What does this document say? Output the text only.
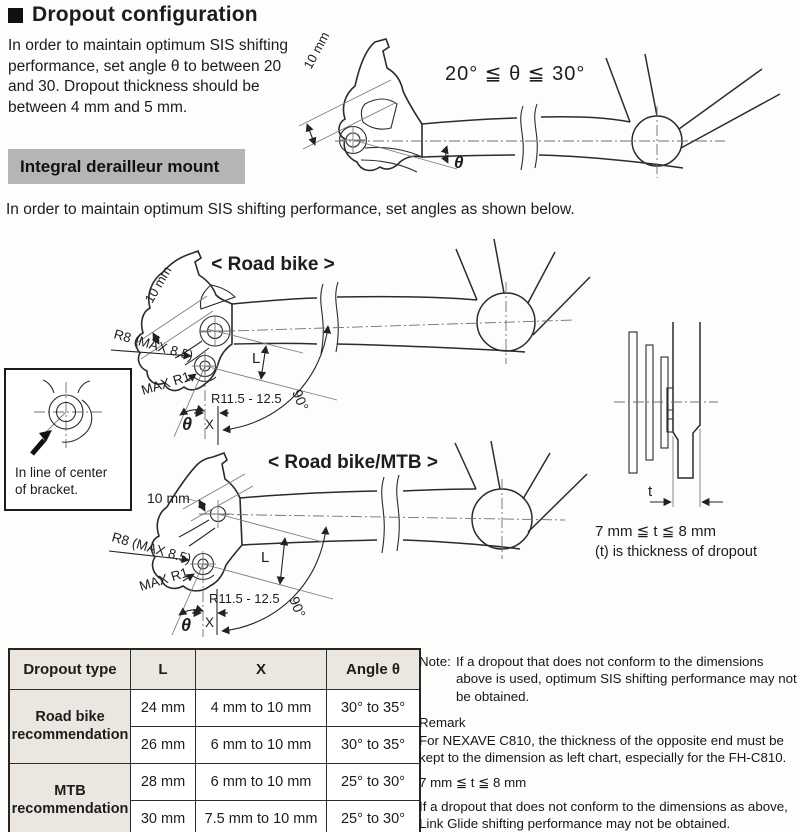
Dropout configuration
In order to maintain optimum SIS shifting performance, set angle θ to between 20 and 30. Dropout thickness should be between 4 mm and 5 mm.
20° ≦ θ ≦ 30°
10 mm
θ
Integral derailleur mount
In order to maintain optimum SIS shifting performance, set angles as shown below.
< Road bike >
10 mm
R8 (MAX 8.5)
MAX R1
R11.5 - 12.5
L
90°
θ X
In line of center
of bracket.
< Road bike/MTB >
10 mm
R8 (MAX 8.5)
MAX R1
R11.5 - 12.5
L
90°
θ X
t
7 mm ≦ t ≦ 8 mm
(t) is thickness of dropout
Dropout type	L	X	Angle θ
Road bike recommendation	24 mm	4 mm to 10 mm	30° to 35°
	26 mm	6 mm to 10 mm	30° to 35°
MTB recommendation	28 mm	6 mm to 10 mm	25° to 30°
	30 mm	7.5 mm to 10 mm	25° to 30°
Note: If a dropout that does not conform to the dimensions above is used, optimum SIS shifting performance may not be obtained.
Remark
For NEXAVE C810, the thickness of the opposite end must be kept to the dimension as left chart, especially for the FH-C810.
7 mm ≦ t ≦ 8 mm
If a dropout that does not conform to the dimensions as above, Link Glide shifting performance may not be obtained.
